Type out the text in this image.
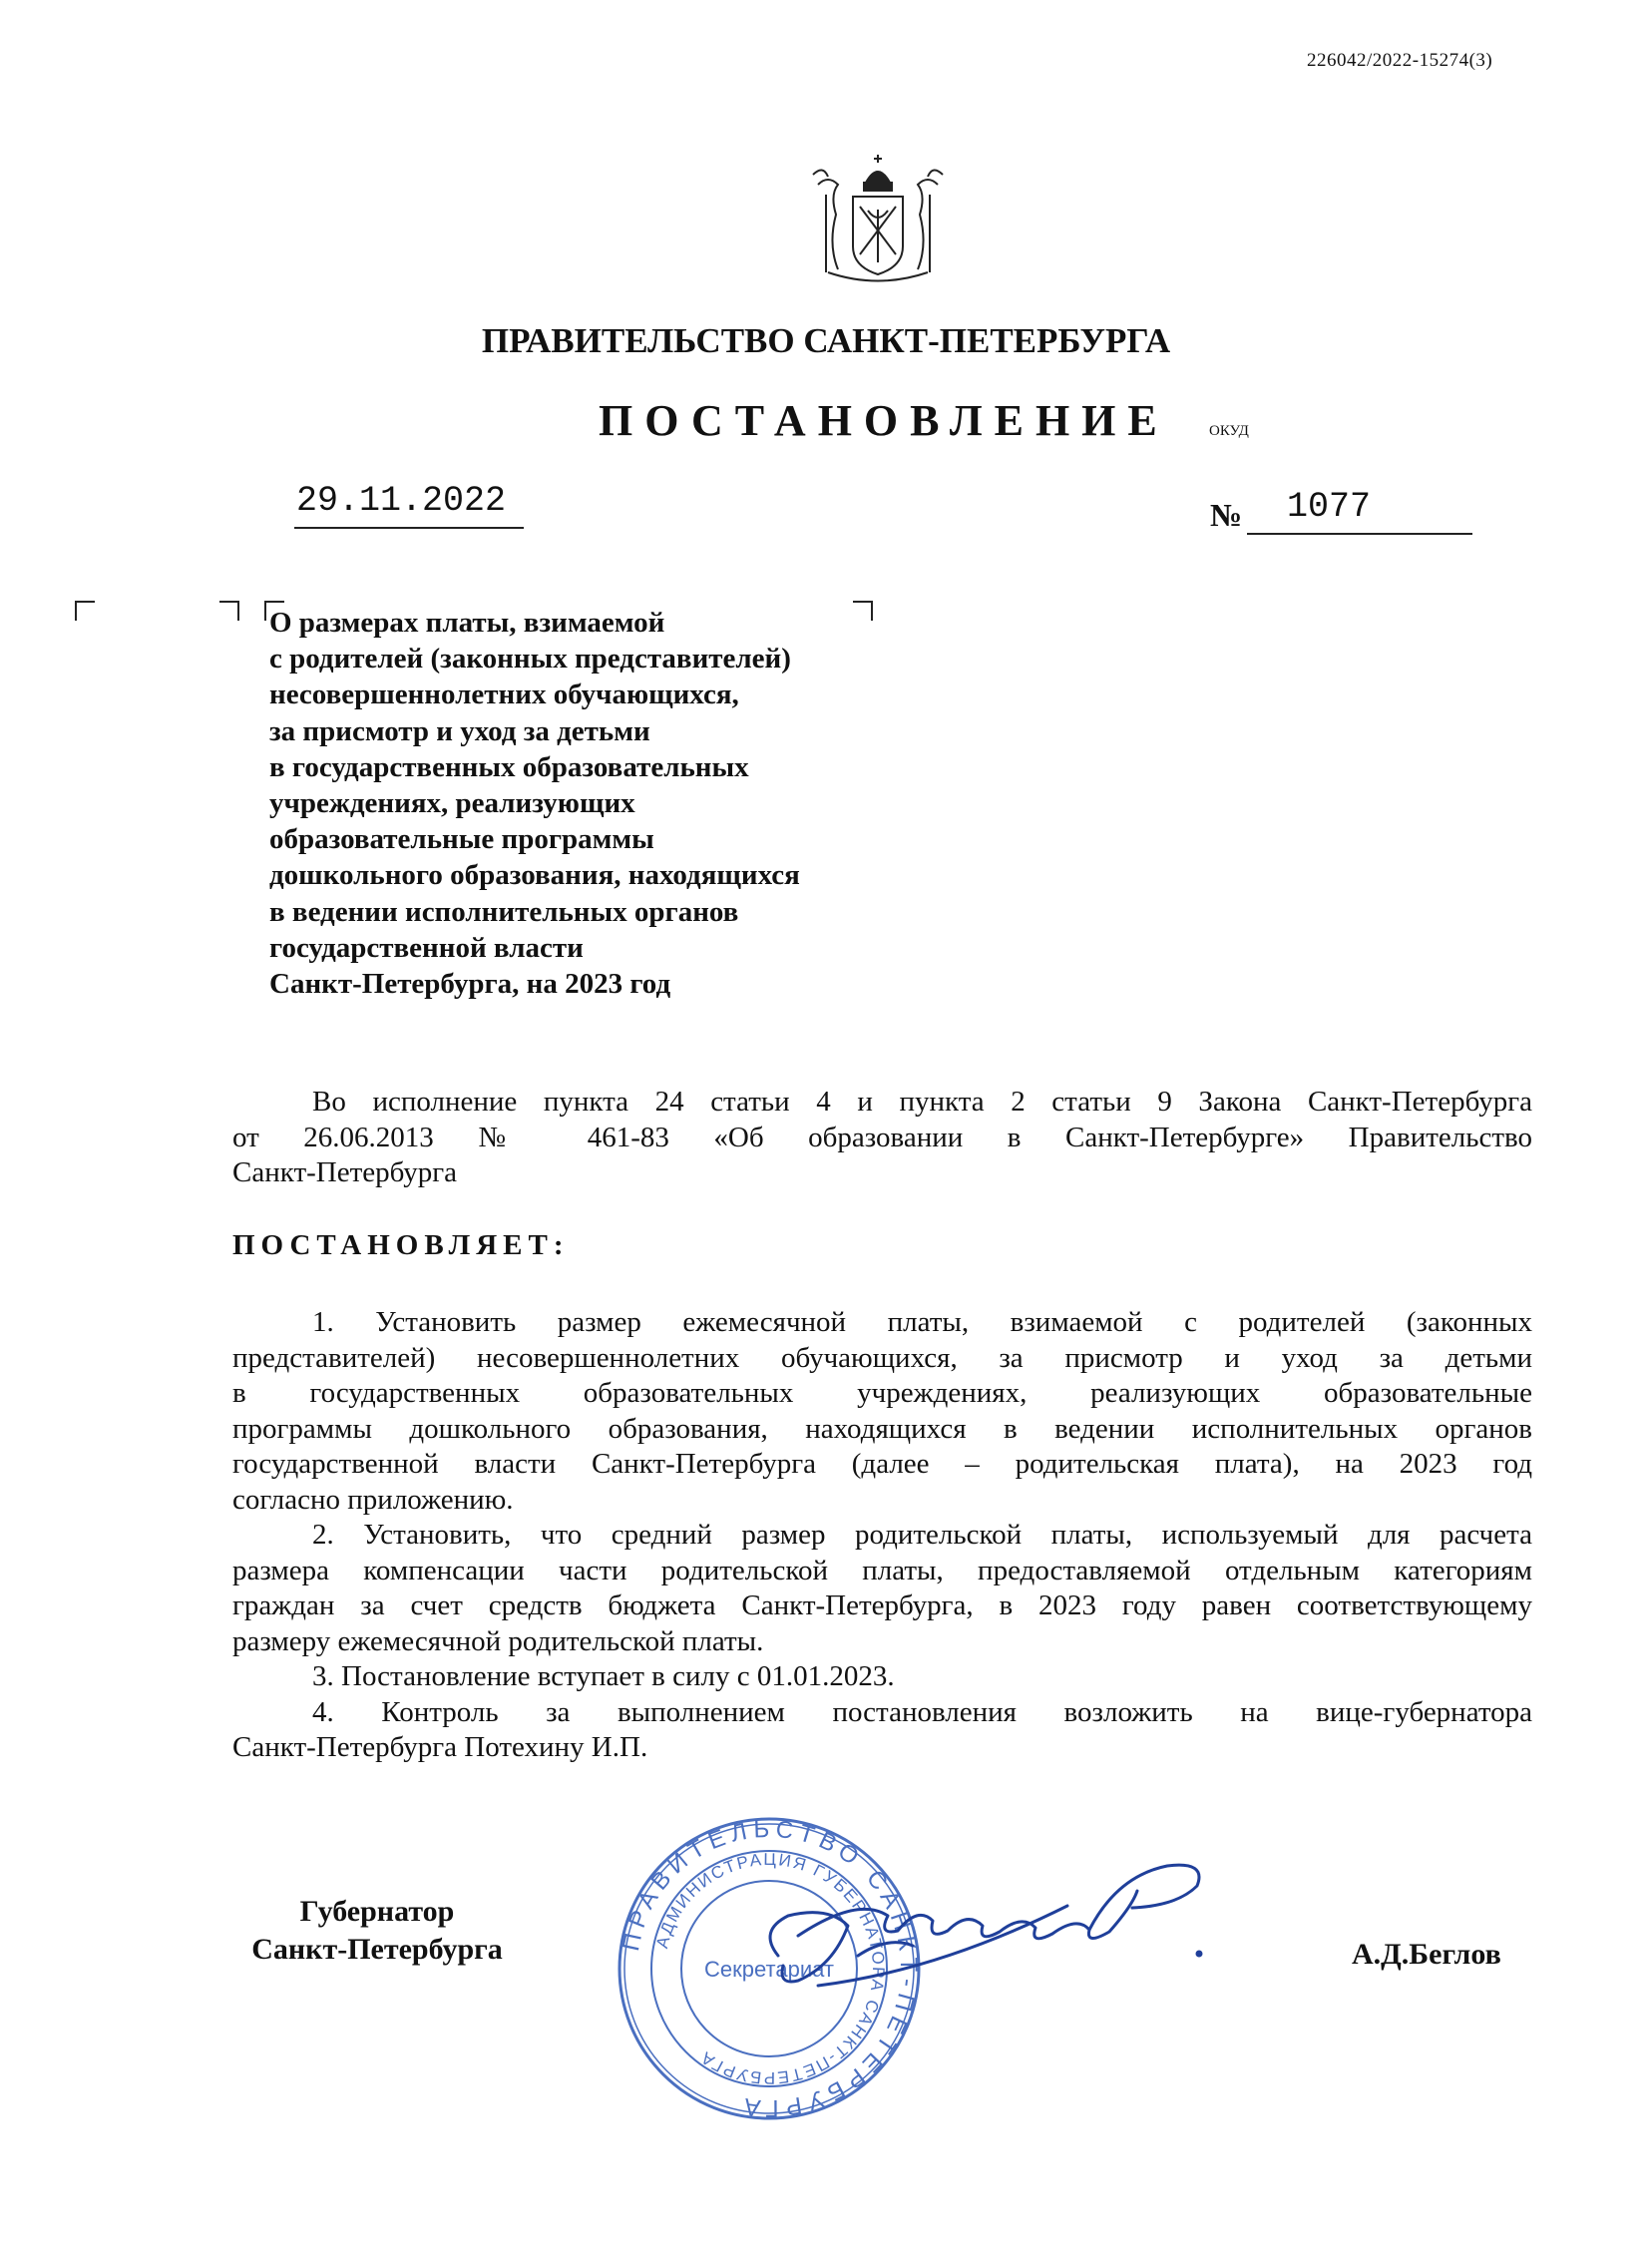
226042/2022-15274(3)
ПРАВИТЕЛЬСТВО САНКТ-ПЕТЕРБУРГА
ПОСТАНОВЛЕНИЕ	ОКУД
29.11.2022	№ 1077
О размерах платы, взимаемой
с родителей (законных представителей)
несовершеннолетних обучающихся,
за присмотр и уход за детьми
в государственных образовательных
учреждениях, реализующих
образовательные программы
дошкольного образования, находящихся
в ведении исполнительных органов
государственной власти
Санкт-Петербурга, на 2023 год
Во исполнение пункта 24 статьи 4 и пункта 2 статьи 9 Закона Санкт-Петербурга
от 26.06.2013 № 461-83 «Об образовании в Санкт-Петербурге» Правительство
Санкт-Петербурга
ПОСТАНОВЛЯЕТ:
1. Установить размер ежемесячной платы, взимаемой с родителей (законных
представителей) несовершеннолетних обучающихся, за присмотр и уход за детьми
в государственных образовательных учреждениях, реализующих образовательные
программы дошкольного образования, находящихся в ведении исполнительных органов
государственной власти Санкт-Петербурга (далее – родительская плата), на 2023 год
согласно приложению.
2. Установить, что средний размер родительской платы, используемый для расчета
размера компенсации части родительской платы, предоставляемой отдельным категориям
граждан за счет средств бюджета Санкт-Петербурга, в 2023 году равен соответствующему
размеру ежемесячной родительской платы.
3. Постановление вступает в силу с 01.01.2023.
4. Контроль за выполнением постановления возложить на вице-губернатора
Санкт-Петербурга Потехину И.П.
Губернатор
Санкт-Петербурга	А.Д.Беглов
ПРАВИТЕЛЬСТВО САНКТ-ПЕТЕРБУРГА
АДМИНИСТРАЦИЯ ГУБЕРНАТОРА САНКТ-ПЕТЕРБУРГА
Секретариат
